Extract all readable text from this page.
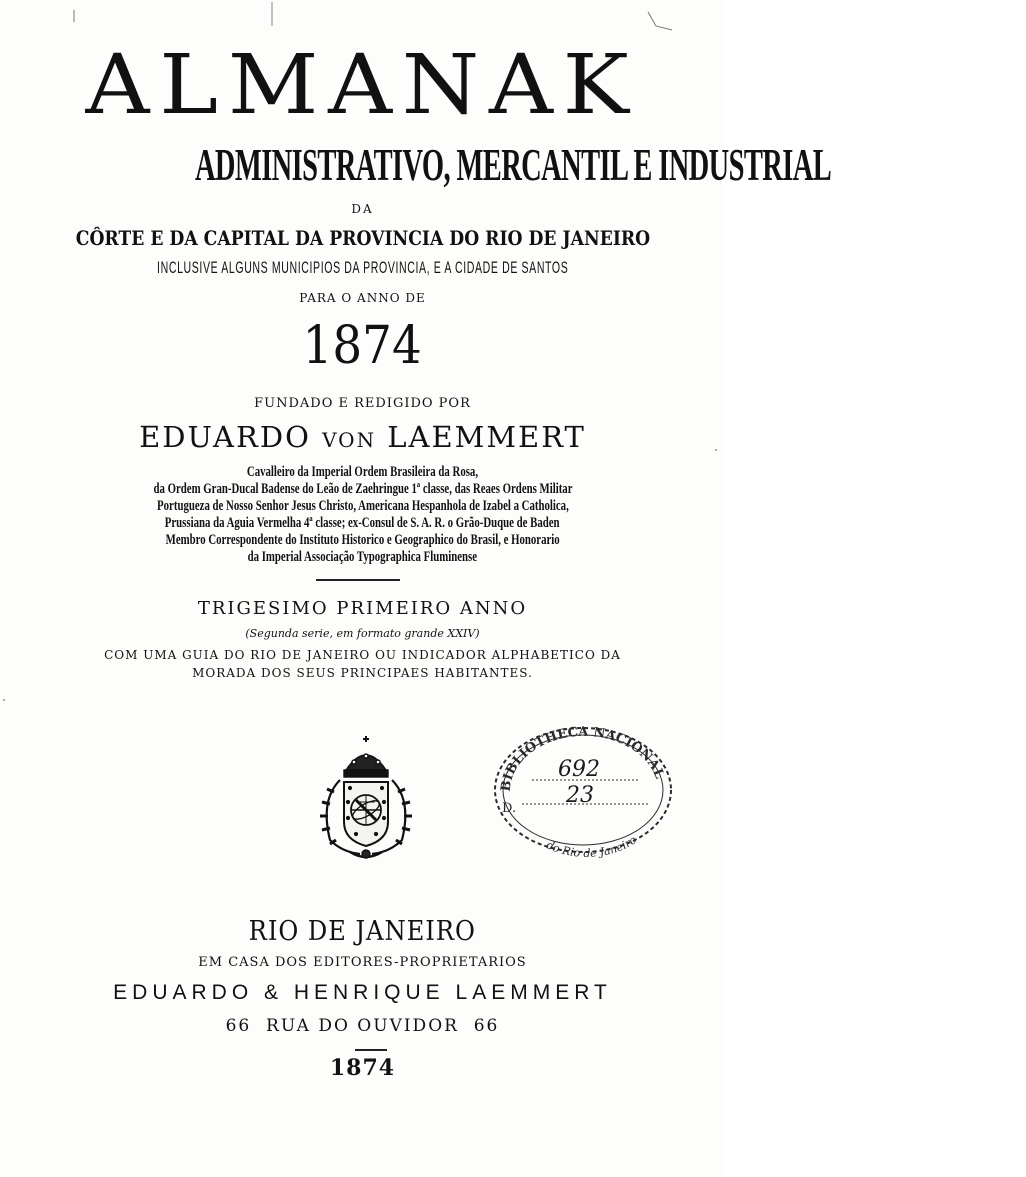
ALMANAK
ADMINISTRATIVO, MERCANTIL E INDUSTRIAL

DA

CÔRTE E DA CAPITAL DA PROVINCIA DO RIO DE JANEIRO

INCLUSIVE ALGUNS MUNICIPIOS DA PROVINCIA, E A CIDADE DE SANTOS

PARA O ANNO DE

1874

FUNDADO E REDIGIDO POR

EDUARDO VON LAEMMERT

Cavalleiro da Imperial Ordem Brasileira da Rosa,

da Ordem Gran-Ducal Badense do Leão de Zaehringue 1ª classe, das Reaes Ordens Militar

Portugueza de Nosso Senhor Jesus Christo, Americana Hespanhola de Izabel a Catholica,

Prussiana da Aguia Vermelha 4ª classe; ex-Consul de S. A. R. o Grão-Duque de Baden

Membro Correspondente do Instituto Historico e Geographico do Brasil, e Honorario

da Imperial Associação Typographica Fluminense

TRIGESIMO PRIMEIRO ANNO

(Segunda serie, em formato grande XXIV)

COM UMA GUIA DO RIO DE JANEIRO OU INDICADOR ALPHABETICO DA

MORADA DOS SEUS PRINCIPAES HABITANTES.

BIBLIOTHECA NACIONAL
do Rio de Janeiro
D.
692
23

RIO DE JANEIRO

EM CASA DOS EDITORES-PROPRIETARIOS

EDUARDO & HENRIQUE LAEMMERT

66  RUA DO OUVIDOR  66

1874
